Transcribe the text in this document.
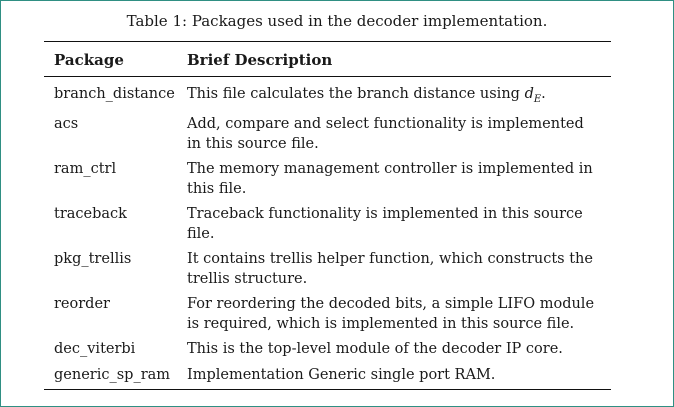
Table 1: Packages used in the decoder implementation.
Package	Brief Description
branch_distance	This file calculates the branch distance using $d_E$.
acs	Add, compare and select functionality is implemented in this source file.
ram_ctrl	The memory management controller is implemented in this file.
traceback	Traceback functionality is implemented in this source file.
pkg_trellis	It contains trellis helper function, which constructs the trellis structure.
reorder	For reordering the decoded bits, a simple LIFO module is required, which is implemented in this source file.
dec_viterbi	This is the top-level module of the decoder IP core.
generic_sp_ram	Implementation Generic single port RAM.
